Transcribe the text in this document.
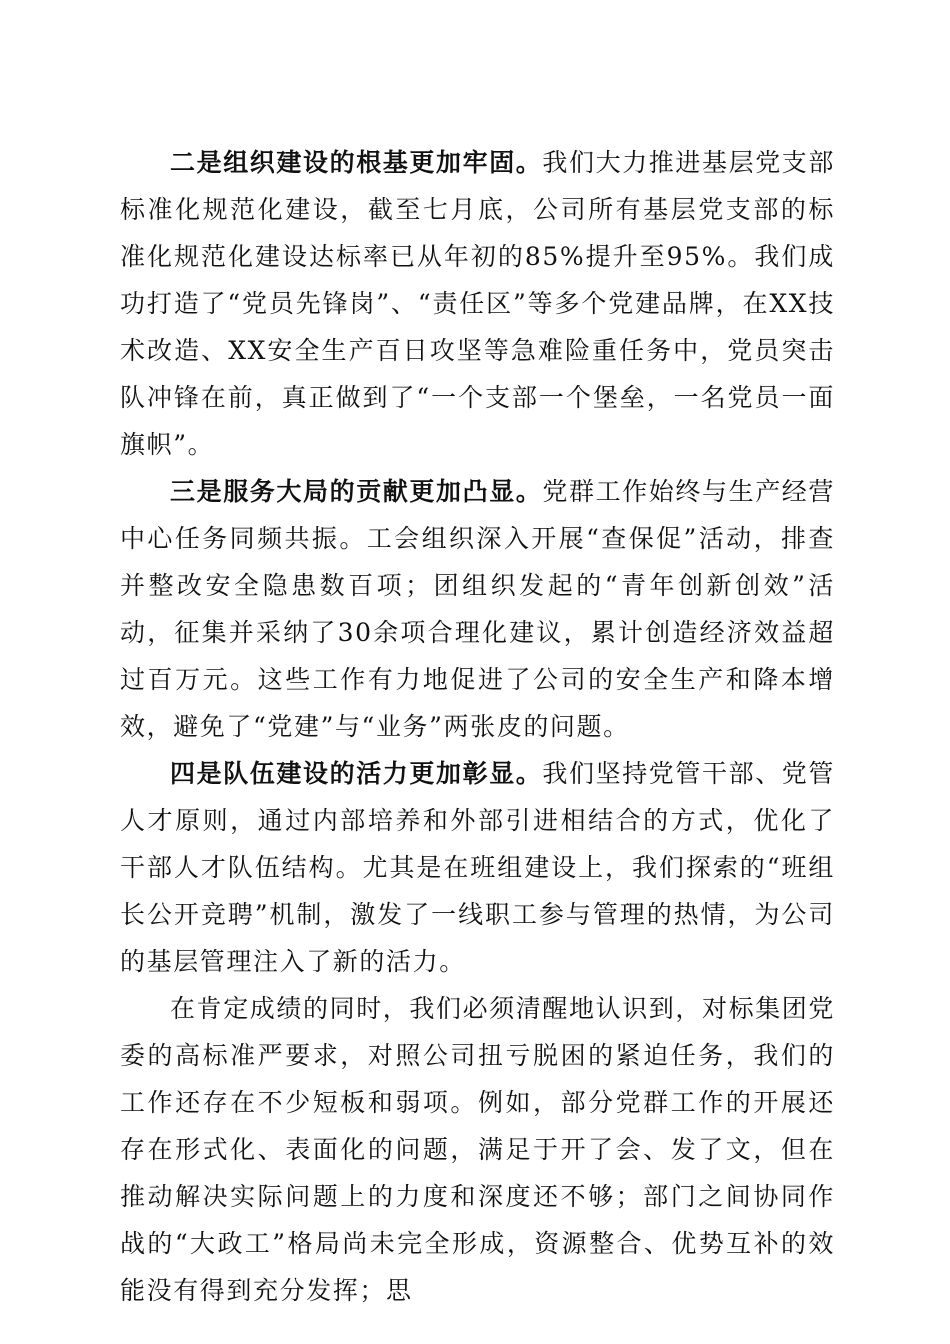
二是组织建设的根基更加牢固。我们大力推进基层党支部标准化规范化建设，截至七月底，公司所有基层党支部的标准化规范化建设达标率已从年初的85%提升至95%。我们成功打造了“党员先锋岗”、“责任区”等多个党建品牌，在XX技术改造、XX安全生产百日攻坚等急难险重任务中，党员突击队冲锋在前，真正做到了“一个支部一个堡垒，一名党员一面旗帜”。

三是服务大局的贡献更加凸显。党群工作始终与生产经营中心任务同频共振。工会组织深入开展“查保促”活动，排查并整改安全隐患数百项；团组织发起的“青年创新创效”活动，征集并采纳了30余项合理化建议，累计创造经济效益超过百万元。这些工作有力地促进了公司的安全生产和降本增效，避免了“党建”与“业务”两张皮的问题。

四是队伍建设的活力更加彰显。我们坚持党管干部、党管人才原则，通过内部培养和外部引进相结合的方式，优化了干部人才队伍结构。尤其是在班组建设上，我们探索的“班组长公开竞聘”机制，激发了一线职工参与管理的热情，为公司的基层管理注入了新的活力。

在肯定成绩的同时，我们必须清醒地认识到，对标集团党委的高标准严要求，对照公司扭亏脱困的紧迫任务，我们的工作还存在不少短板和弱项。例如，部分党群工作的开展还存在形式化、表面化的问题，满足于开了会、发了文，但在推动解决实际问题上的力度和深度还不够；部门之间协同作战的“大政工”格局尚未完全形成，资源整合、优势互补的效能没有得到充分发挥；思
